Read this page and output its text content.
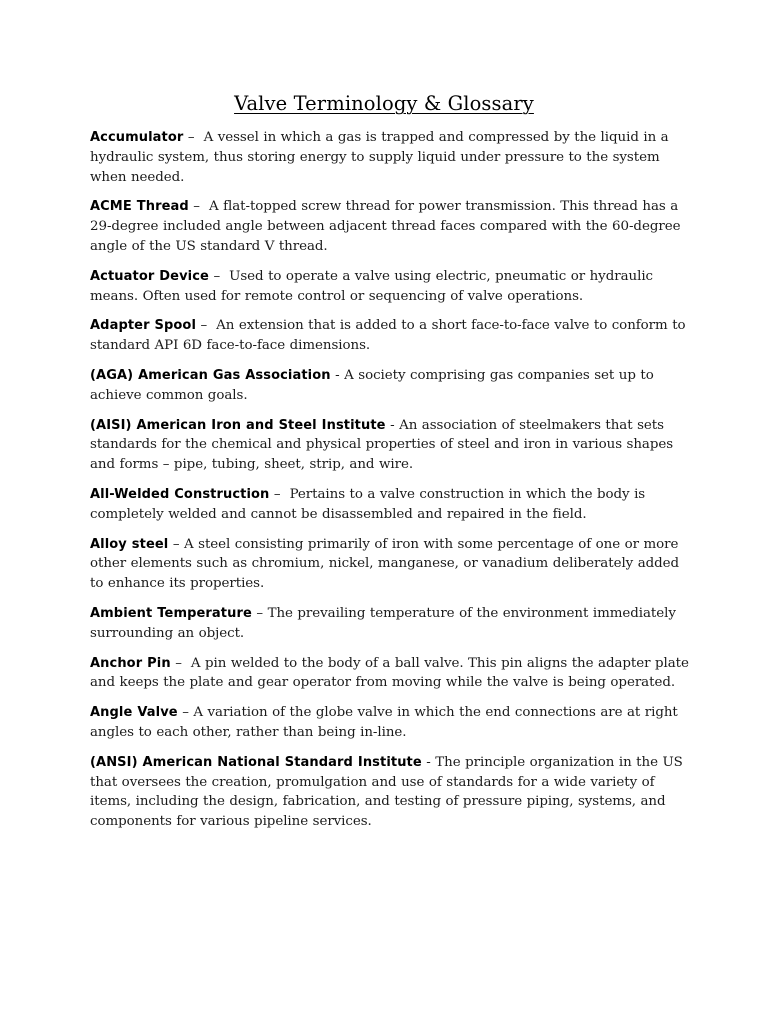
Valve Terminology & Glossary

Accumulator –  A vessel in which a gas is trapped and compressed by the liquid in a hydraulic system, thus storing energy to supply liquid under pressure to the system when needed.

ACME Thread –  A flat-topped screw thread for power transmission. This thread has a 29-degree included angle between adjacent thread faces compared with the 60-degree angle of the US standard V thread.

Actuator Device –  Used to operate a valve using electric, pneumatic or hydraulic means. Often used for remote control or sequencing of valve operations.

Adapter Spool –  An extension that is added to a short face-to-face valve to conform to standard API 6D face-to-face dimensions.

(AGA) American Gas Association - A society comprising gas companies set up to achieve common goals.

(AISI) American Iron and Steel Institute - An association of steelmakers that sets standards for the chemical and physical properties of steel and iron in various shapes and forms – pipe, tubing, sheet, strip, and wire.

All-Welded Construction –  Pertains to a valve construction in which the body is completely welded and cannot be disassembled and repaired in the field.

Alloy steel – A steel consisting primarily of iron with some percentage of one or more other elements such as chromium, nickel, manganese, or vanadium deliberately added to enhance its properties.

Ambient Temperature – The prevailing temperature of the environment immediately surrounding an object.

Anchor Pin –  A pin welded to the body of a ball valve. This pin aligns the adapter plate and keeps the plate and gear operator from moving while the valve is being operated.

Angle Valve – A variation of the globe valve in which the end connections are at right angles to each other, rather than being in-line.

(ANSI) American National Standard Institute - The principle organization in the US that oversees the creation, promulgation and use of standards for a wide variety of items, including the design, fabrication, and testing of pressure piping, systems, and components for various pipeline services.
